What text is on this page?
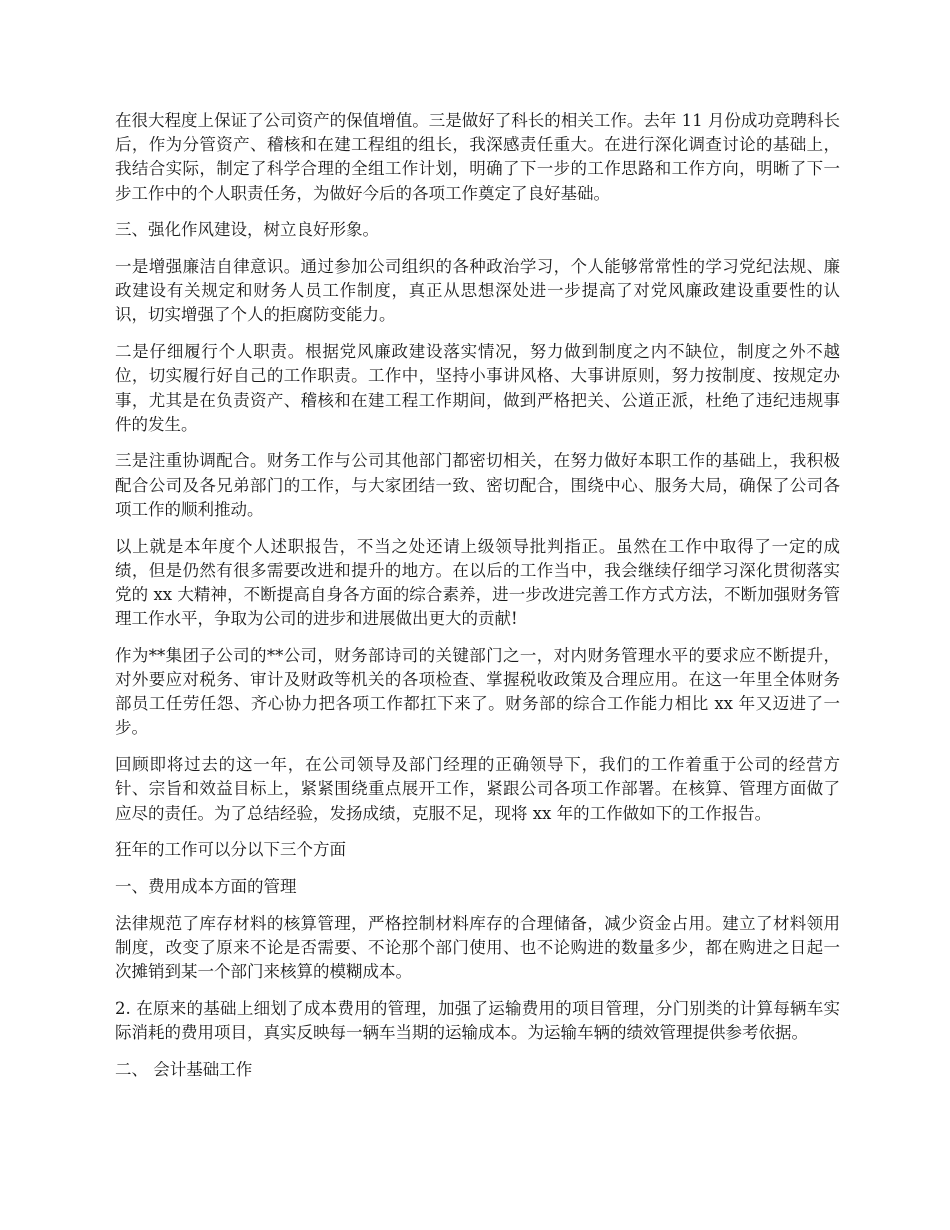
在很大程度上保证了公司资产的保值增值。三是做好了科长的相关工作。去年 11 月份成功竞聘科长后，作为分管资产、稽核和在建工程组的组长，我深感责任重大。在进行深化调查讨论的基础上，我结合实际，制定了科学合理的全组工作计划，明确了下一步的工作思路和工作方向，明晰了下一步工作中的个人职责任务，为做好今后的各项工作奠定了良好基础。

三、强化作风建设，树立良好形象。

一是增强廉洁自律意识。通过参加公司组织的各种政治学习，个人能够常常性的学习党纪法规、廉政建设有关规定和财务人员工作制度，真正从思想深处进一步提高了对党风廉政建设重要性的认识，切实增强了个人的拒腐防变能力。

二是仔细履行个人职责。根据党风廉政建设落实情况，努力做到制度之内不缺位，制度之外不越位，切实履行好自己的工作职责。工作中，坚持小事讲风格、大事讲原则，努力按制度、按规定办事，尤其是在负责资产、稽核和在建工程工作期间，做到严格把关、公道正派，杜绝了违纪违规事件的发生。

三是注重协调配合。财务工作与公司其他部门都密切相关，在努力做好本职工作的基础上，我积极配合公司及各兄弟部门的工作，与大家团结一致、密切配合，围绕中心、服务大局，确保了公司各项工作的顺利推动。

以上就是本年度个人述职报告，不当之处还请上级领导批判指正。虽然在工作中取得了一定的成绩，但是仍然有很多需要改进和提升的地方。在以后的工作当中，我会继续仔细学习深化贯彻落实党的 xx 大精神，不断提高自身各方面的综合素养，进一步改进完善工作方式方法，不断加强财务管理工作水平，争取为公司的进步和进展做出更大的贡献!

作为**集团子公司的**公司，财务部诗司的关键部门之一，对内财务管理水平的要求应不断提升，对外要应对税务、审计及财政等机关的各项检查、掌握税收政策及合理应用。在这一年里全体财务部员工任劳任怨、齐心协力把各项工作都扛下来了。财务部的综合工作能力相比 xx 年又迈进了一步。

回顾即将过去的这一年，在公司领导及部门经理的正确领导下，我们的工作着重于公司的经营方针、宗旨和效益目标上，紧紧围绕重点展开工作，紧跟公司各项工作部署。在核算、管理方面做了应尽的责任。为了总结经验，发扬成绩，克服不足，现将 xx 年的工作做如下的工作报告。

狂年的工作可以分以下三个方面

一、费用成本方面的管理

法律规范了库存材料的核算管理，严格控制材料库存的合理储备，减少资金占用。建立了材料领用制度，改变了原来不论是否需要、不论那个部门使用、也不论购进的数量多少，都在购进之日起一次摊销到某一个部门来核算的模糊成本。

2. 在原来的基础上细划了成本费用的管理，加强了运输费用的项目管理，分门别类的计算每辆车实际消耗的费用项目，真实反映每一辆车当期的运输成本。为运输车辆的绩效管理提供参考依据。

二、 会计基础工作
